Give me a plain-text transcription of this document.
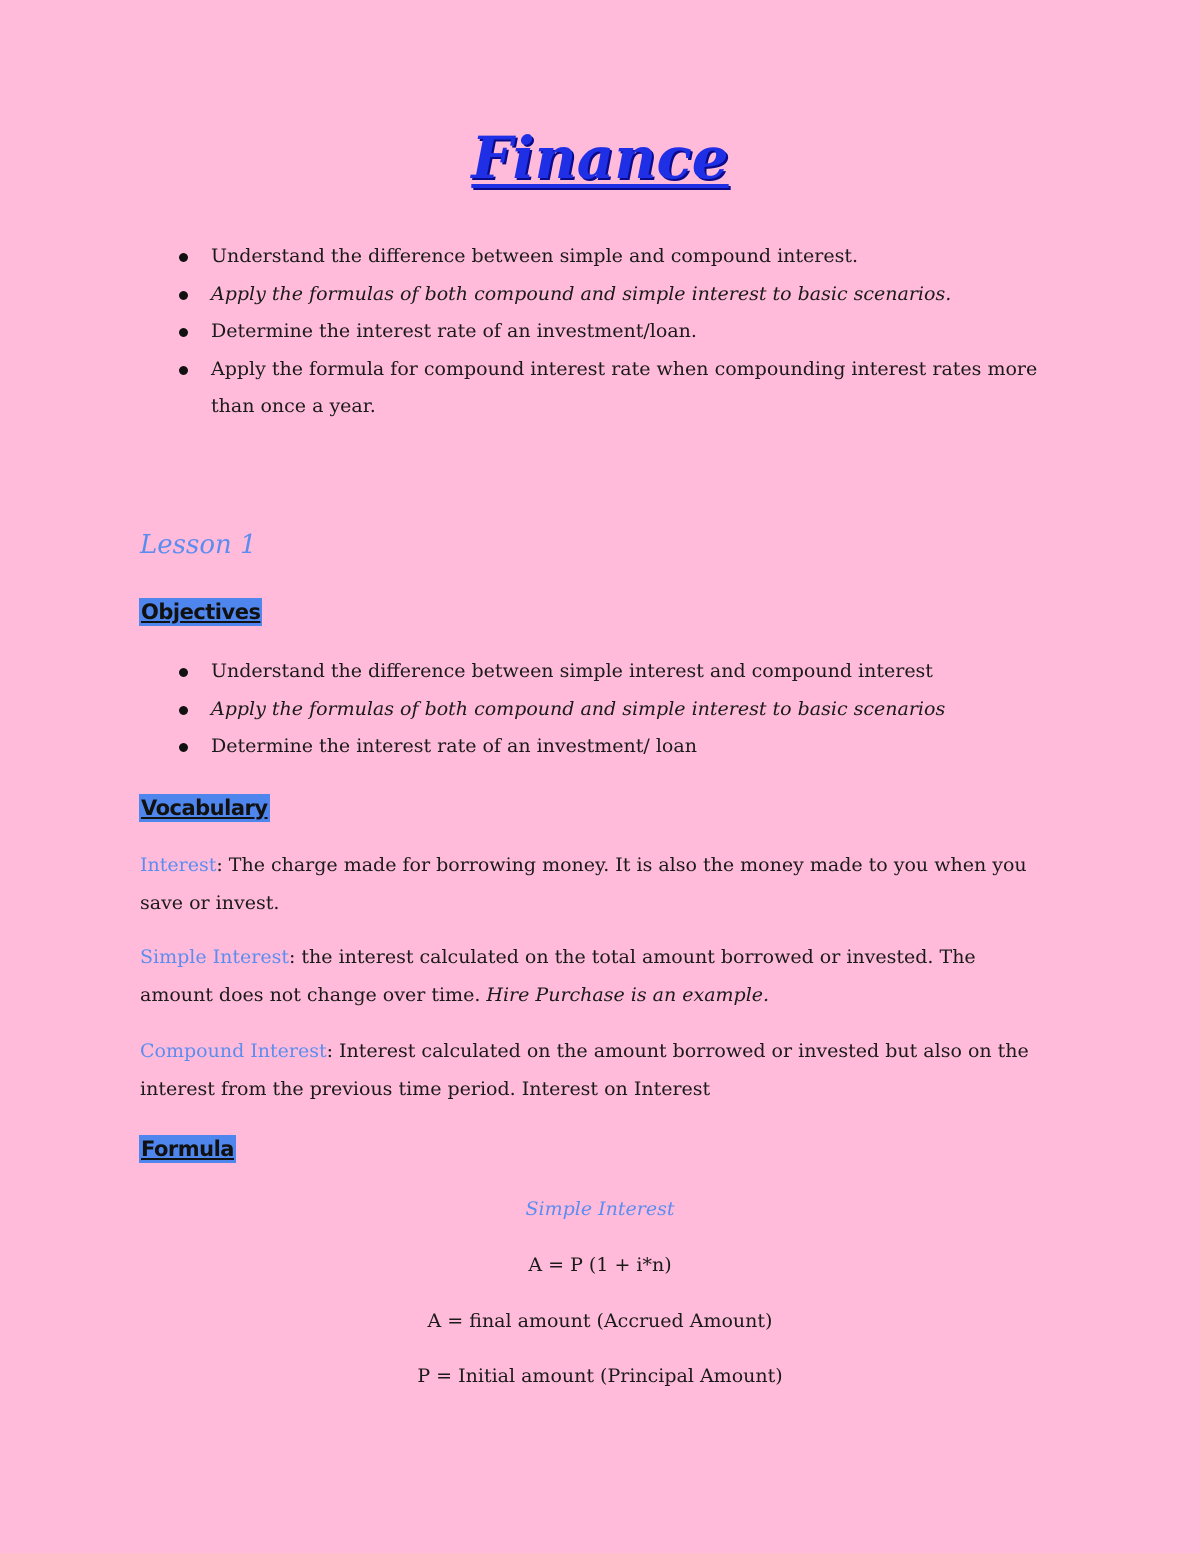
Finance
Understand the difference between simple and compound interest.
Apply the formulas of both compound and simple interest to basic scenarios.
Determine the interest rate of an investment/loan.
Apply the formula for compound interest rate when compounding interest rates more than once a year.
Lesson 1
Objectives
Understand the difference between simple interest and compound interest
Apply the formulas of both compound and simple interest to basic scenarios
Determine the interest rate of an investment/ loan
Vocabulary
Interest: The charge made for borrowing money. It is also the money made to you when you save or invest.
Simple Interest: the interest calculated on the total amount borrowed or invested. The amount does not change over time. Hire Purchase is an example.
Compound Interest: Interest calculated on the amount borrowed or invested but also on the interest from the previous time period. Interest on Interest
Formula
Simple Interest
A = P (1 + i*n)
A = final amount (Accrued Amount)
P = Initial amount (Principal Amount)
